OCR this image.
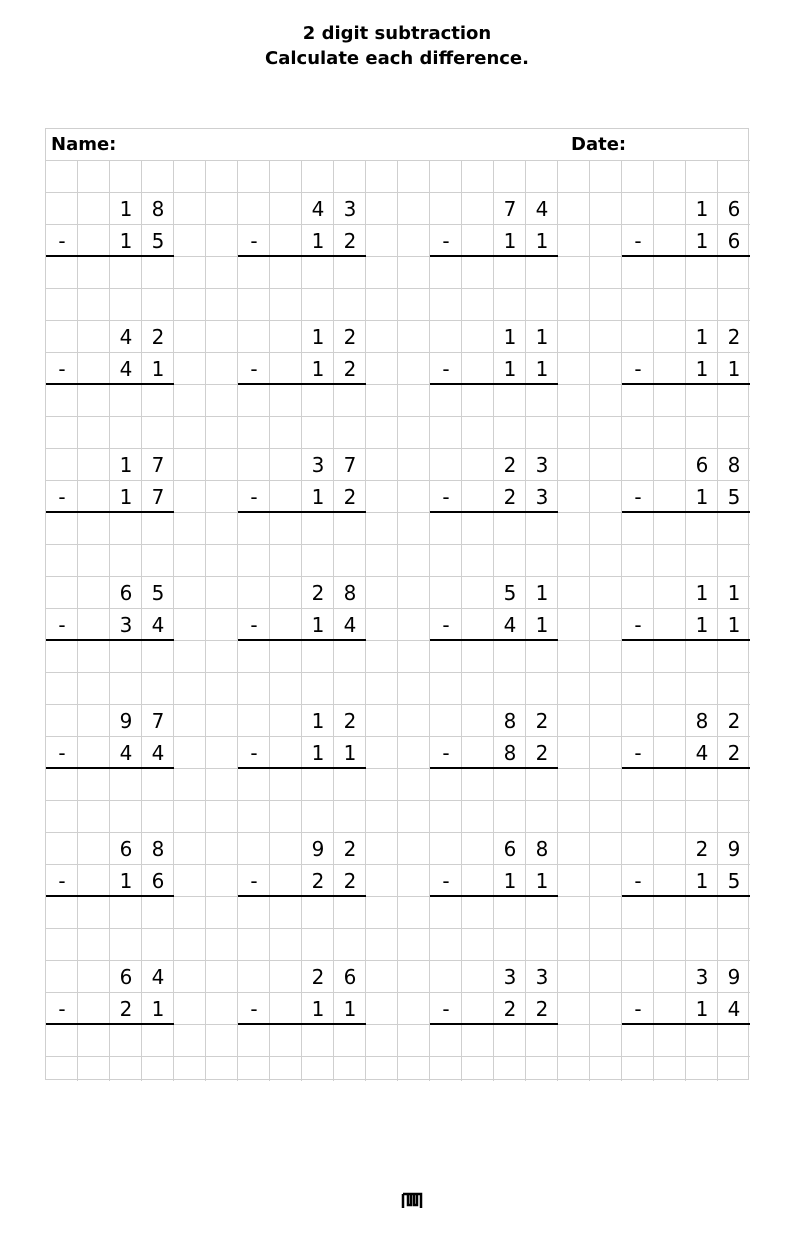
2 digit subtraction
Calculate each difference.
Name:	Date:
1 8
-	1 5
4 3
-	1 2
7 4
-	1 1
1 6
-	1 6
4 2
-	4 1
1 2
-	1 2
1 1
-	1 1
1 2
-	1 1
1 7
-	1 7
3 7
-	1 2
2 3
-	2 3
6 8
-	1 5
6 5
-	3 4
2 8
-	1 4
5 1
-	4 1
1 1
-	1 1
9 7
-	4 4
1 2
-	1 1
8 2
-	8 2
8 2
-	4 2
6 8
-	1 6
9 2
-	2 2
6 8
-	1 1
2 9
-	1 5
6 4
-	2 1
2 6
-	1 1
3 3
-	2 2
3 9
-	1 4
